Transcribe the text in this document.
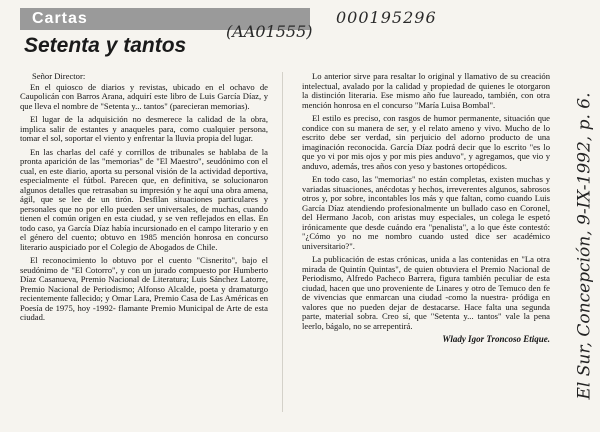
Cartas
Setenta y tantos
(AA01555)
000195296
El Sur, Concepción, 9-IX-1992, p. 6.

Señor Director:

En el quiosco de diarios y revistas, ubicado en el ochavo de Caupolicán con Barros Arana, adquirí este libro de Luis García Díaz, y que lleva el nombre de "Setenta y... tantos" (parecieran memorias).

El lugar de la adquisición no desmerece la calidad de la obra, implica salir de estantes y anaqueles para, como cualquier persona, tomar el sol, soportar el viento y enfrentar la lluvia propia del lugar.

En las charlas del café y corrillos de tribunales se hablaba de la pronta aparición de las "memorias" de "El Maestro", seudónimo con el cual, en este diario, aporta su personal visión de la actividad deportiva, especialmente el fútbol. Parecen que, en definitiva, se solucionaron algunos detalles que retrasaban su impresión y he aquí una obra amena, ágil, que se lee de un tirón. Desfilan situaciones particulares y personales que no por ello pueden ser universales, de muchas, cuando tienen el común origen en esta ciudad, y se ven reflejados en ellas. En todo caso, ya García Díaz había incursionado en el campo literario y en el género del cuento; obtuvo en 1985 mención honrosa en concurso literario auspiciado por el Colegio de Abogados de Chile.

El reconocimiento lo obtuvo por el cuento "Cisnerito", bajo el seudónimo de "El Cotorro", y con un jurado compuesto por Humberto Díaz Casanueva, Premio Nacional de Literatura; Luis Sánchez Latorre, Premio Nacional de Periodismo; Alfonso Alcalde, poeta y dramaturgo recientemente fallecido; y Omar Lara, Premio Casa de Las Américas en Poesía de 1975, hoy -1992- flamante Premio Municipal de Arte de esta ciudad.

Lo anterior sirve para resaltar lo original y llamativo de su creación intelectual, avalado por la calidad y propiedad de quienes le otorgaron la distinción literaria. Ese mismo año fue laureado, también, con otra mención honrosa en el concurso "María Luisa Bombal".

El estilo es preciso, con rasgos de humor permanente, situación que condice con su manera de ser, y el relato ameno y vivo. Mucho de lo escrito debe ser verdad, sin perjuicio del adorno producto de una imaginación reconocida. García Díaz podrá decir que lo escrito "es lo que yo vi por mis ojos y por mis pies anduvo", y agregamos, que vio y anduvo, además, tres años con yeso y bastones ortopédicos.

En todo caso, las "memorias" no están completas, existen muchas y variadas situaciones, anécdotas y hechos, irreverentes algunos, sabrosos otros y, por sobre, incontables los más y que faltan, como cuando Luis García Díaz atendiendo profesionalmente un bullado caso en Coronel, del Hermano Jacob, con aristas muy especiales, un colega le espetó irónicamente que desde cuándo era "penalista", a lo que éste contestó: "¿Cómo yo no me nombro cuando usted dice ser académico universitario?".

La publicación de estas crónicas, unida a las contenidas en "La otra mirada de Quintín Quintas", de quien obtuviera el Premio Nacional de Periodismo, Alfredo Pacheco Barrera, figura también peculiar de esta ciudad, hacen que uno proveniente de Linares y otro de Temuco den fe de vivencias que enmarcan una ciudad -como la nuestra- pródiga en valores que no pueden dejar de destacarse. Hace falta una segunda parte, material sobra. Creo sí, que "Setenta y... tantos" vale la pena leerlo, bágalo, no se arrepentirá.

Wlady Igor Troncoso Etique.
